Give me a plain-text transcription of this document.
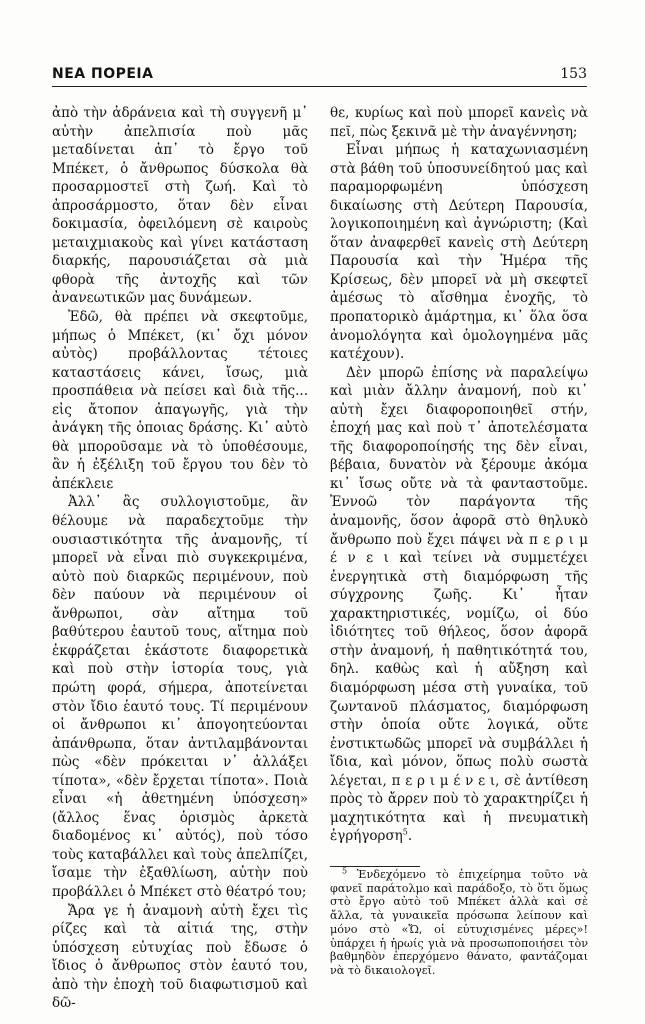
ΝΕΑ ΠΟΡΕΙΑ	153

ἀπὸ τὴν ἀδράνεια καὶ τὴ συγγενῆ μ᾽ αὐτὴν ἀπελπισία ποὺ μᾶς μεταδίνεται ἀπ᾽ τὸ ἔργο τοῦ Μπέκετ, ὁ ἄνθρωπος δύσκολα θὰ προσαρμοστεῖ στὴ ζωή. Καὶ τὸ ἀπροσάρμοστο, ὅταν δὲν εἶναι δοκιμασία, ὀφειλόμενη σὲ καιροὺς μεταιχμιακοὺς καὶ γίνει κατάσταση διαρκής, παρουσιάζεται σὰ μιὰ φθορὰ τῆς ἀντοχῆς καὶ τῶν ἀνανεωτικῶν μας δυνάμεων.

Ἐδῶ, θὰ πρέπει νὰ σκεφτοῦμε, μήπως ὁ Μπέκετ, (κι᾽ ὄχι μόνον αὐτὸς) προβάλλοντας τέτοιες καταστάσεις κάνει, ἴσως, μιὰ προσπάθεια νὰ πείσει καὶ διὰ τῆς... εἰς ἄτοπον ἀπαγωγῆς, γιὰ τὴν ἀνάγκη τῆς ὁποιας δράσης. Κι᾽ αὐτὸ θὰ μποροῦσαμε νὰ τὸ ὑποθέσουμε, ἂν ἡ ἐξέλιξη τοῦ ἔργου του δὲν τὸ ἀπέκλειε

Ἀλλ᾽ ἂς συλλογιστοῦμε, ἂν θέλουμε νὰ παραδεχτοῦμε τὴν ουσιαστικότητα τῆς ἀναμονῆς, τί μπορεῖ νὰ εἶναι πιὸ συγκεκριμένα, αὐτὸ ποὺ διαρκῶς περιμένουν, ποὺ δὲν παύουν νὰ περιμένουν οἱ ἄνθρωποι, σὰν αἴτημα τοῦ βαθύτερου ἑαυτοῦ τους, αἴτημα ποὺ ἐκφράζεται ἑκάστοτε διαφορετικὰ καὶ ποὺ στὴν ἱστορία τους, γιὰ πρώτη φορά, σήμερα, ἀποτείνεται στὸν ἴδιο ἑαυτό τους. Τί περιμένουν οἱ ἄνθρωποι κι᾽ ἀπογοητεύονται ἀπάνθρωπα, ὅταν ἀντιλαμβάνονται πὼς «δὲν πρόκειται ν᾽ ἀλλάξει τίποτα», «δὲν ἔρχεται τίποτα». Ποιὰ εἶναι «ἡ ἀθετημένη ὑπόσχεση» (ἄλλος ἕνας ὁρισμὸς ἀρκετὰ διαδομένος κι᾽ αὐτός), ποὺ τόσο τοὺς καταβάλλει καὶ τοὺς ἀπελπίζει, ἴσαμε τὴν ἐξαθλίωση, αὐτὴν ποὺ προβάλλει ὁ Μπέκετ στὸ θέατρό του;

Ἄρα γε ἡ ἀναμονὴ αὐτὴ ἔχει τὶς ρίζες καὶ τὰ αἰτιά της, στὴν ὑπόσχεση εὐτυχίας ποὺ ἔδωσε ὁ ἴδιος ὁ ἄνθρωπος στὸν ἑαυτό του, ἀπὸ τὴν ἐποχὴ τοῦ διαφωτισμοῦ καὶ δῶ-

θε, κυρίως καὶ ποὺ μπορεῖ κανεὶς νὰ πεῖ, πὼς ξεκινᾶ μὲ τὴν ἀναγέννηση;

Εἶναι μήπως ἡ καταχωνιασμένη στὰ βάθη τοῦ ὑποσυνείδητού μας καὶ παραμορφωμένη ὑπόσχεση δικαίωσης στὴ Δεύτερη Παρουσία, λογικοποιημένη καὶ ἀγνώριστη; (Καὶ ὅταν ἀναφερθεῖ κανεὶς στὴ Δεύτερη Παρουσία καὶ τὴν Ἡμέρα τῆς Κρίσεως, δὲν μπορεῖ νὰ μὴ σκεφτεῖ ἀμέσως τὸ αἴσθημα ἐνοχῆς, τὸ προπατορικὸ ἁμάρτημα, κι᾽ ὅλα ὅσα ἀνομολόγητα καὶ ὁμολογημένα μᾶς κατέχουν).

Δὲν μπορῶ ἐπίσης νὰ παραλείψω καὶ μιὰν ἄλλην ἀναμονή, ποὺ κι᾽ αὐτὴ ἔχει διαφοροποιηθεῖ στήν, ἐποχή μας καὶ ποὺ τ᾽ ἀποτελέσματα τῆς διαφοροποίησής της δὲν εἶναι, βέβαια, δυνατὸν νὰ ξέρουμε ἀκόμα κι᾽ ἴσως οὔτε νὰ τὰ φανταστοῦμε. Ἐννοῶ τὸν παράγοντα τῆς ἀναμονῆς, ὅσον ἀφορᾶ στὸ θηλυκὸ ἄνθρωπο ποὺ ἔχει πάψει νὰ π ε ρ ι μ έ ν ε ι καὶ τείνει νὰ συμμετέχει ἐνεργητικὰ στὴ διαμόρφωση τῆς σύγχρονης ζωῆς. Κι᾽ ἦταν χαρακτηριστικές, νομίζω, οἱ δύο ἰδιότητες τοῦ θήλεος, ὅσον ἀφορᾶ στὴν ἀναμονή, ἡ παθητικότητά του, δηλ. καθὼς καὶ ἡ αὔξηση καὶ διαμόρφωση μέσα στὴ γυναίκα, τοῦ ζωντανοῦ πλάσματος, διαμόρφωση στὴν ὁποία οὔτε λογικά, οὔτε ἐνστικτωδῶς μπορεῖ νὰ συμβάλλει ἡ ἴδια, καὶ μόνον, ὅπως πολὺ σωστὰ λέγεται, π ε ρ ι μ έ ν ε ι, σὲ ἀντίθεση πρὸς τὸ ἄρρεν ποὺ τὸ χαρακτηρίζει ἡ μαχητικότητα καὶ ἡ πνευματικὴ ἐγρήγορση$^5$.

$^5$ Ἐνδεχόμενο τὸ ἐπιχείρημα τοῦτο νὰ φανεῖ παράτολμο καὶ παράδοξο, τὸ ὅτι ὅμως στὸ ἔργο αὐτὸ τοῦ Μπέκετ ἀλλὰ καὶ σὲ ἄλλα, τὰ γυναικεῖα πρόσωπα λείπουν καὶ μόνο στὸ «Ὤ, οἱ εὐτυχισμένες μέρες»! ὑπάρχει ἡ ἡρωίς γιὰ νὰ προσωποποιήσει τὸν βαθμηδὸν ἐπερχόμενο θάνατο, φαντάζομαι νὰ τὸ δικαιολογεῖ.
